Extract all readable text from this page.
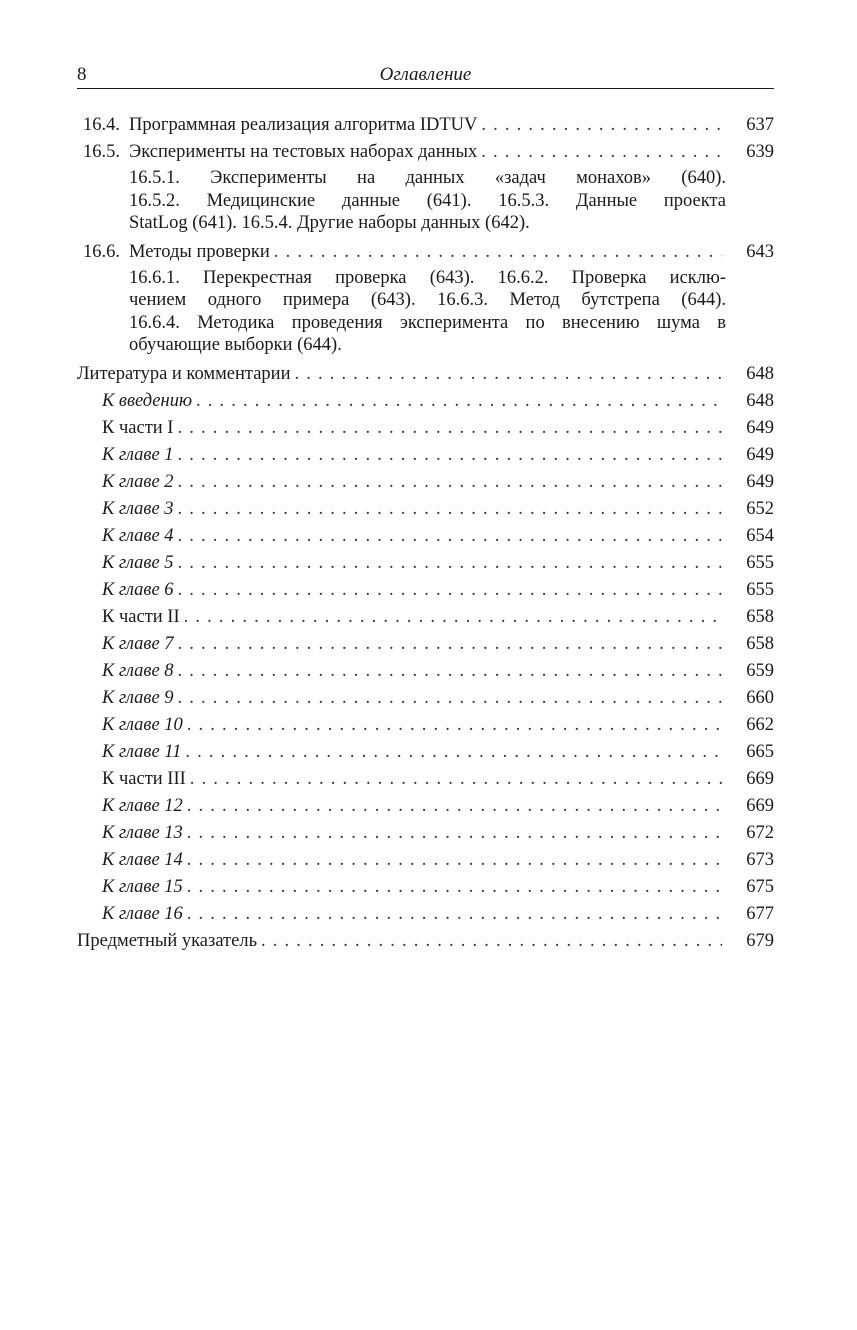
8	Оглавление
16.4. Программная реализация алгоритма IDTUV . . .	637
16.5. Эксперименты на тестовых наборах данных . . .	639
16.5.1. Эксперименты на данных «задач монахов» (640).
16.5.2. Медицинские данные (641). 16.5.3. Данные проекта
StatLog (641). 16.5.4. Другие наборы данных (642).
16.6. Методы проверки . . .	643
16.6.1. Перекрестная проверка (643). 16.6.2. Проверка исклю-
чением одного примера (643). 16.6.3. Метод бутстрепа (644).
16.6.4. Методика проведения эксперимента по внесению шума в
обучающие выборки (644).
Литература и комментарии . . .	648
К введению . . .	648
К части I . . .	649
К главе 1 . . .	649
К главе 2 . . .	649
К главе 3 . . .	652
К главе 4 . . .	654
К главе 5 . . .	655
К главе 6 . . .	655
К части II . . .	658
К главе 7 . . .	658
К главе 8 . . .	659
К главе 9 . . .	660
К главе 10 . . .	662
К главе 11 . . .	665
К части III . . .	669
К главе 12 . . .	669
К главе 13 . . .	672
К главе 14 . . .	673
К главе 15 . . .	675
К главе 16 . . .	677
Предметный указатель . . .	679
